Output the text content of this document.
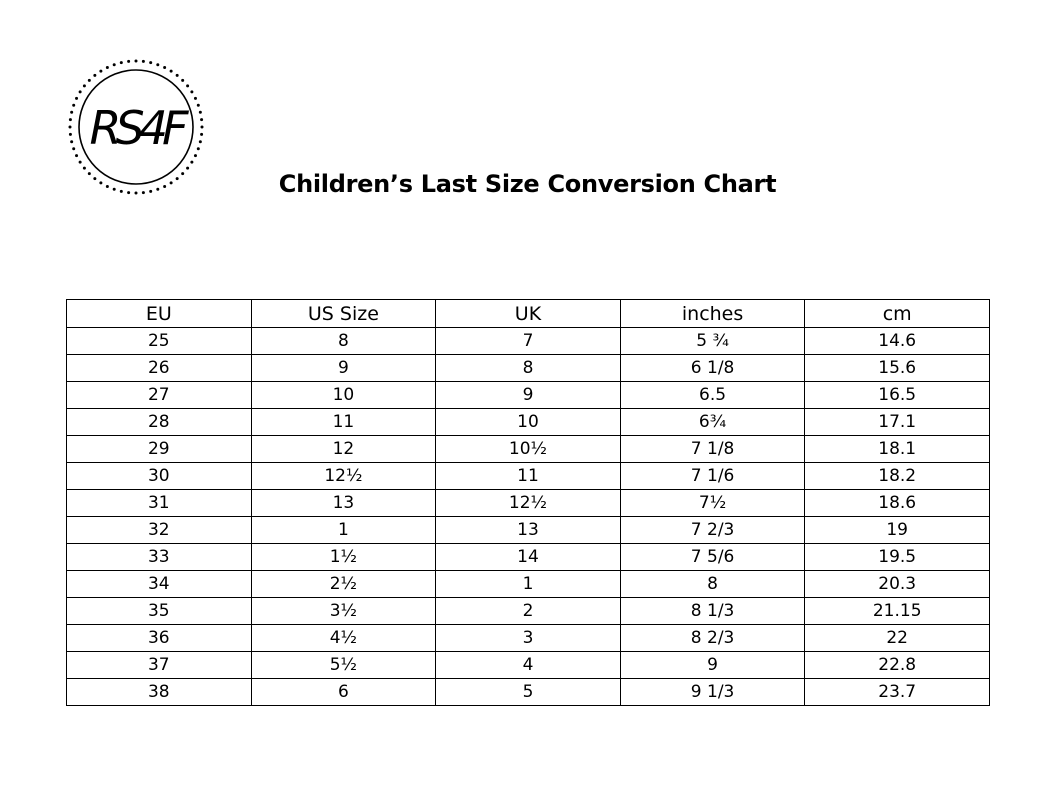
RS4F
Children’s Last Size Conversion Chart
EU	US Size	UK	inches	cm
25	8	7	5 ¾	14.6
26	9	8	6 1/8	15.6
27	10	9	6.5	16.5
28	11	10	6¾	17.1
29	12	10½	7 1/8	18.1
30	12½	11	7 1/6	18.2
31	13	12½	7½	18.6
32	1	13	7 2/3	19
33	1½	14	7 5/6	19.5
34	2½	1	8	20.3
35	3½	2	8 1/3	21.15
36	4½	3	8 2/3	22
37	5½	4	9	22.8
38	6	5	9 1/3	23.7
